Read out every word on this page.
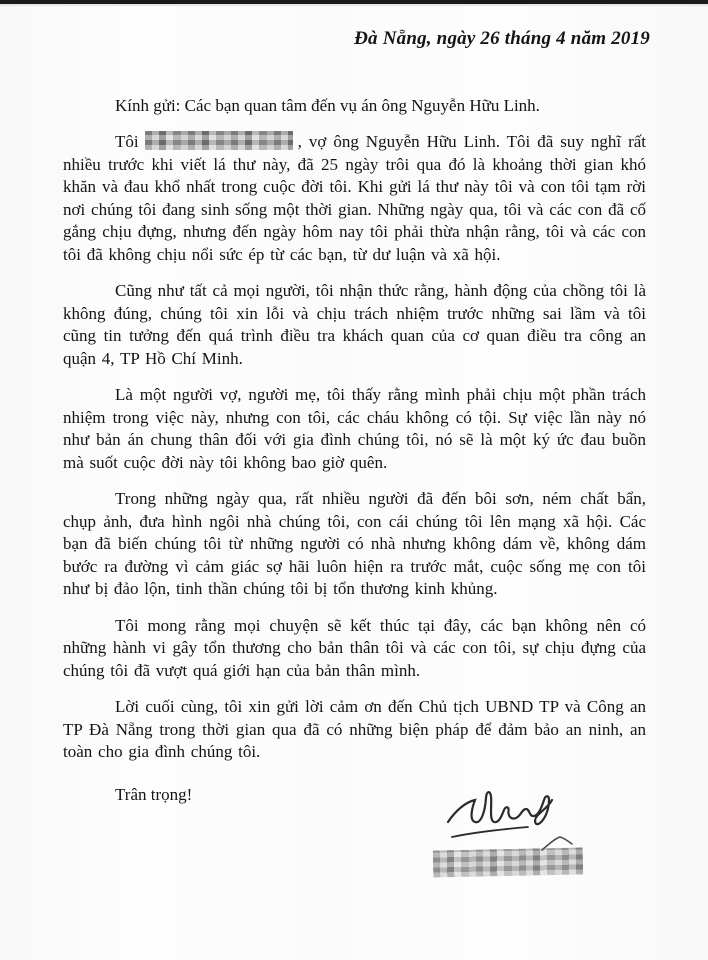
Đà Nẵng, ngày 26 tháng 4 năm 2019

Kính gửi: Các bạn quan tâm đến vụ án ông Nguyễn Hữu Linh.

Tôi	, vợ ông Nguyễn Hữu Linh. Tôi đã suy nghĩ rất nhiều trước khi viết lá thư này, đã 25 ngày trôi qua đó là khoảng thời gian khó khăn và đau khổ nhất trong cuộc đời tôi. Khi gửi lá thư này tôi và con tôi tạm rời nơi chúng tôi đang sinh sống một thời gian. Những ngày qua, tôi và các con đã cố gắng chịu đựng, nhưng đến ngày hôm nay tôi phải thừa nhận rằng, tôi và các con tôi đã không chịu nổi sức ép từ các bạn, từ dư luận và xã hội.

Cũng như tất cả mọi người, tôi nhận thức rằng, hành động của chồng tôi là không đúng, chúng tôi xin lỗi và chịu trách nhiệm trước những sai lầm và tôi cũng tin tưởng đến quá trình điều tra khách quan của cơ quan điều tra công an quận 4, TP Hồ Chí Minh.

Là một người vợ, người mẹ, tôi thấy rằng mình phải chịu một phần trách nhiệm trong việc này, nhưng con tôi, các cháu không có tội. Sự việc lần này nó như bản án chung thân đối với gia đình chúng tôi, nó sẽ là một ký ức đau buồn mà suốt cuộc đời này tôi không bao giờ quên.

Trong những ngày qua, rất nhiều người đã đến bôi sơn, ném chất bẩn, chụp ảnh, đưa hình ngôi nhà chúng tôi, con cái chúng tôi lên mạng xã hội. Các bạn đã biến chúng tôi từ những người có nhà nhưng không dám về, không dám bước ra đường vì cảm giác sợ hãi luôn hiện ra trước mắt, cuộc sống mẹ con tôi như bị đảo lộn, tinh thần chúng tôi bị tổn thương kinh khủng.

Tôi mong rằng mọi chuyện sẽ kết thúc tại đây, các bạn không nên có những hành vi gây tổn thương cho bản thân tôi và các con tôi, sự chịu đựng của chúng tôi đã vượt quá giới hạn của bản thân mình.

Lời cuối cùng, tôi xin gửi lời cảm ơn đến Chủ tịch UBND TP và Công an TP Đà Nẵng trong thời gian qua đã có những biện pháp để đảm bảo an ninh, an toàn cho gia đình chúng tôi.

Trân trọng!
